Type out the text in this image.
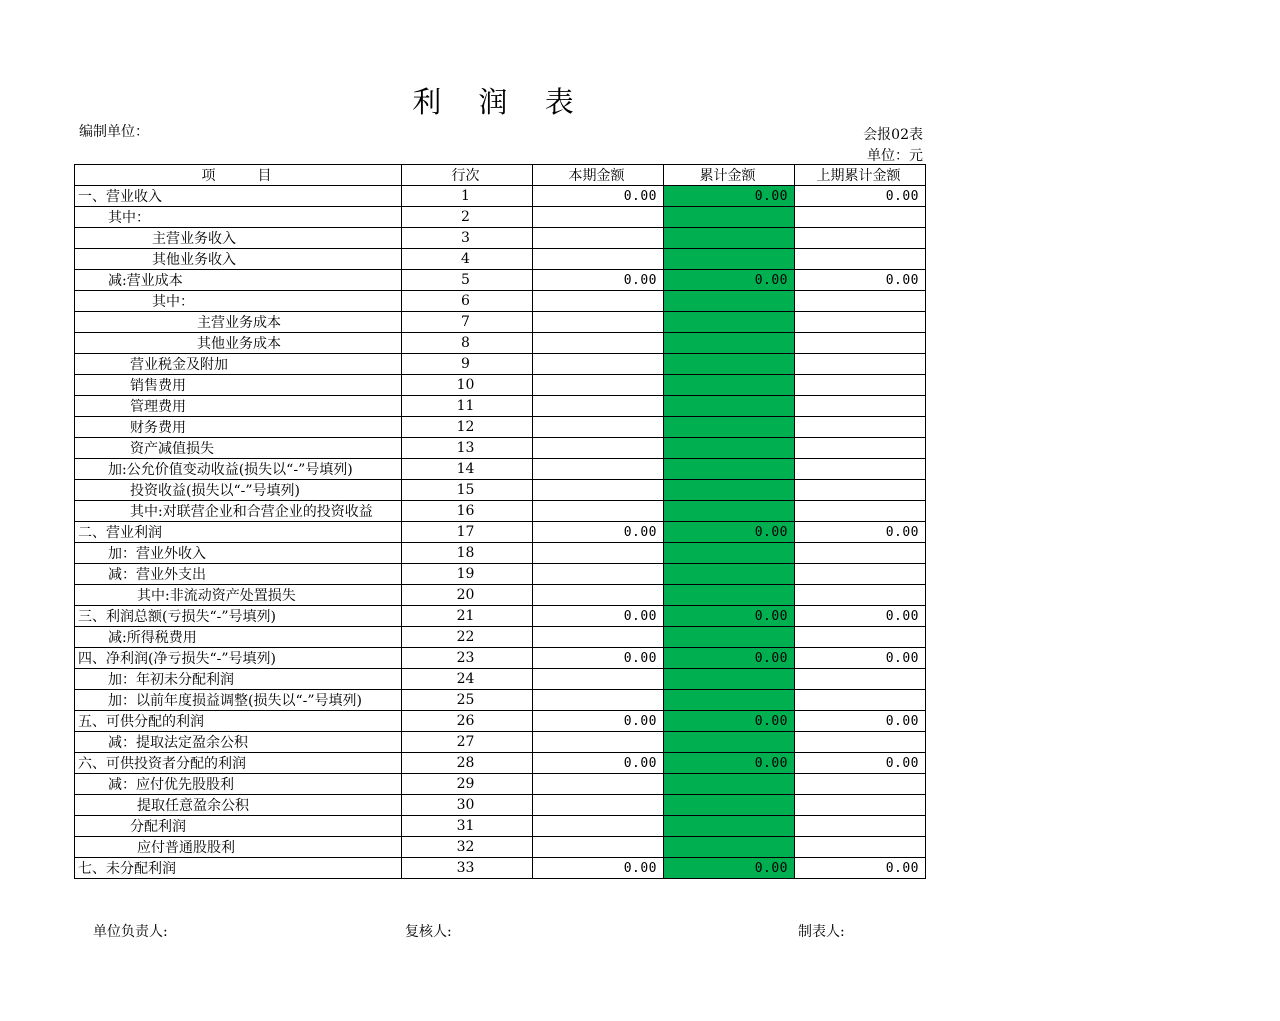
利 润 表
编制单位：	会报02表
单位：元
项　　　目	行次	本期金额	累计金额	上期累计金额
一、营业收入	1	0.00	0.00	0.00
其中：	2			
主营业务收入	3			
其他业务收入	4			
减:营业成本	5	0.00	0.00	0.00
其中：	6			
主营业务成本	7			
其他业务成本	8			
营业税金及附加	9			
销售费用	10			
管理费用	11			
财务费用	12			
资产减值损失	13			
加:公允价值变动收益(损失以“-”号填列)	14			
投资收益(损失以“-”号填列)	15			
其中:对联营企业和合营企业的投资收益	16			
二、营业利润	17	0.00	0.00	0.00
加：营业外收入	18			
减：营业外支出	19			
其中:非流动资产处置损失	20			
三、利润总额(亏损失“-”号填列)	21	0.00	0.00	0.00
减:所得税费用	22			
四、净利润(净亏损失“-”号填列)	23	0.00	0.00	0.00
加：年初未分配利润	24			
加：以前年度损益调整(损失以“-”号填列)	25			
五、可供分配的利润	26	0.00	0.00	0.00
减：提取法定盈余公积	27			
六、可供投资者分配的利润	28	0.00	0.00	0.00
减：应付优先股股利	29			
提取任意盈余公积	30			
分配利润	31			
应付普通股股利	32			
七、未分配利润	33	0.00	0.00	0.00
单位负责人:	复核人:	制表人:
